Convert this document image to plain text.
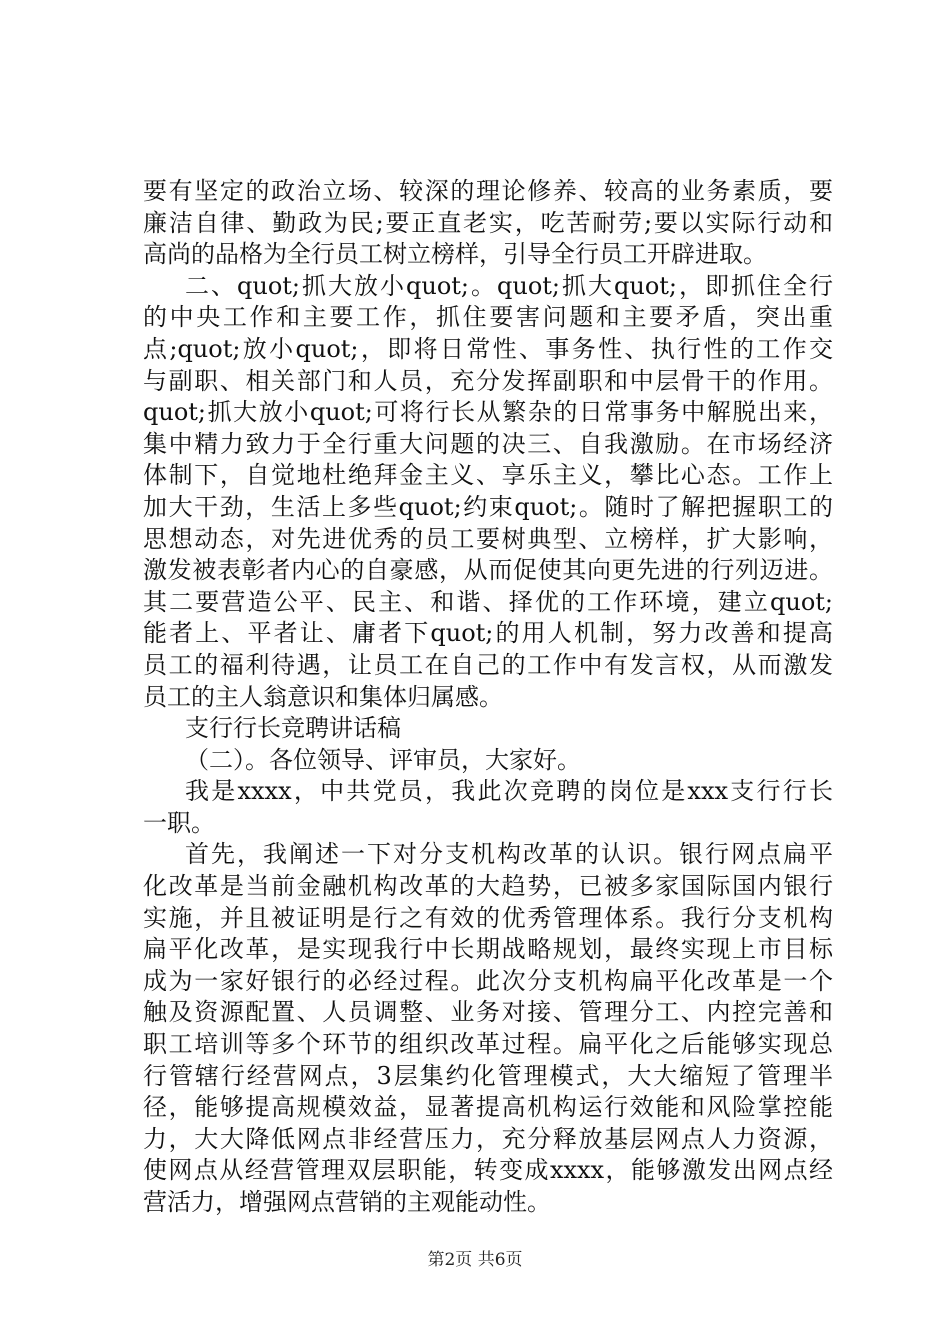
要有坚定的政治立场、较深的理论修养、较高的业务素质，要
廉洁自律、勤政为民;要正直老实，吃苦耐劳;要以实际行动和
高尚的品格为全行员工树立榜样，引导全行员工开辟进取。
二、quot;抓大放小quot;。quot;抓大quot;，即抓住全行
的中央工作和主要工作，抓住要害问题和主要矛盾，突出重
点;quot;放小quot;，即将日常性、事务性、执行性的工作交
与副职、相关部门和人员，充分发挥副职和中层骨干的作用。
quot;抓大放小quot;可将行长从繁杂的日常事务中解脱出来，
集中精力致力于全行重大问题的决三、自我激励。在市场经济
体制下，自觉地杜绝拜金主义、享乐主义，攀比心态。工作上
加大干劲，生活上多些quot;约束quot;。随时了解把握职工的
思想动态，对先进优秀的员工要树典型、立榜样，扩大影响，
激发被表彰者内心的自豪感，从而促使其向更先进的行列迈进。
其二要营造公平、民主、和谐、择优的工作环境，建立quot;
能者上、平者让、庸者下quot;的用人机制，努力改善和提高
员工的福利待遇，让员工在自己的工作中有发言权，从而激发
员工的主人翁意识和集体归属感。
支行行长竞聘讲话稿
（二）。各位领导、评审员，大家好。
我是xxxx，中共党员，我此次竞聘的岗位是xxx支行行长
一职。
首先，我阐述一下对分支机构改革的认识。银行网点扁平
化改革是当前金融机构改革的大趋势，已被多家国际国内银行
实施，并且被证明是行之有效的优秀管理体系。我行分支机构
扁平化改革，是实现我行中长期战略规划，最终实现上市目标
成为一家好银行的必经过程。此次分支机构扁平化改革是一个
触及资源配置、人员调整、业务对接、管理分工、内控完善和
职工培训等多个环节的组织改革过程。扁平化之后能够实现总
行管辖行经营网点，3层集约化管理模式，大大缩短了管理半
径，能够提高规模效益，显著提高机构运行效能和风险掌控能
力，大大降低网点非经营压力，充分释放基层网点人力资源，
使网点从经营管理双层职能，转变成xxxx，能够激发出网点经
营活力，增强网点营销的主观能动性。
第2页 共6页
